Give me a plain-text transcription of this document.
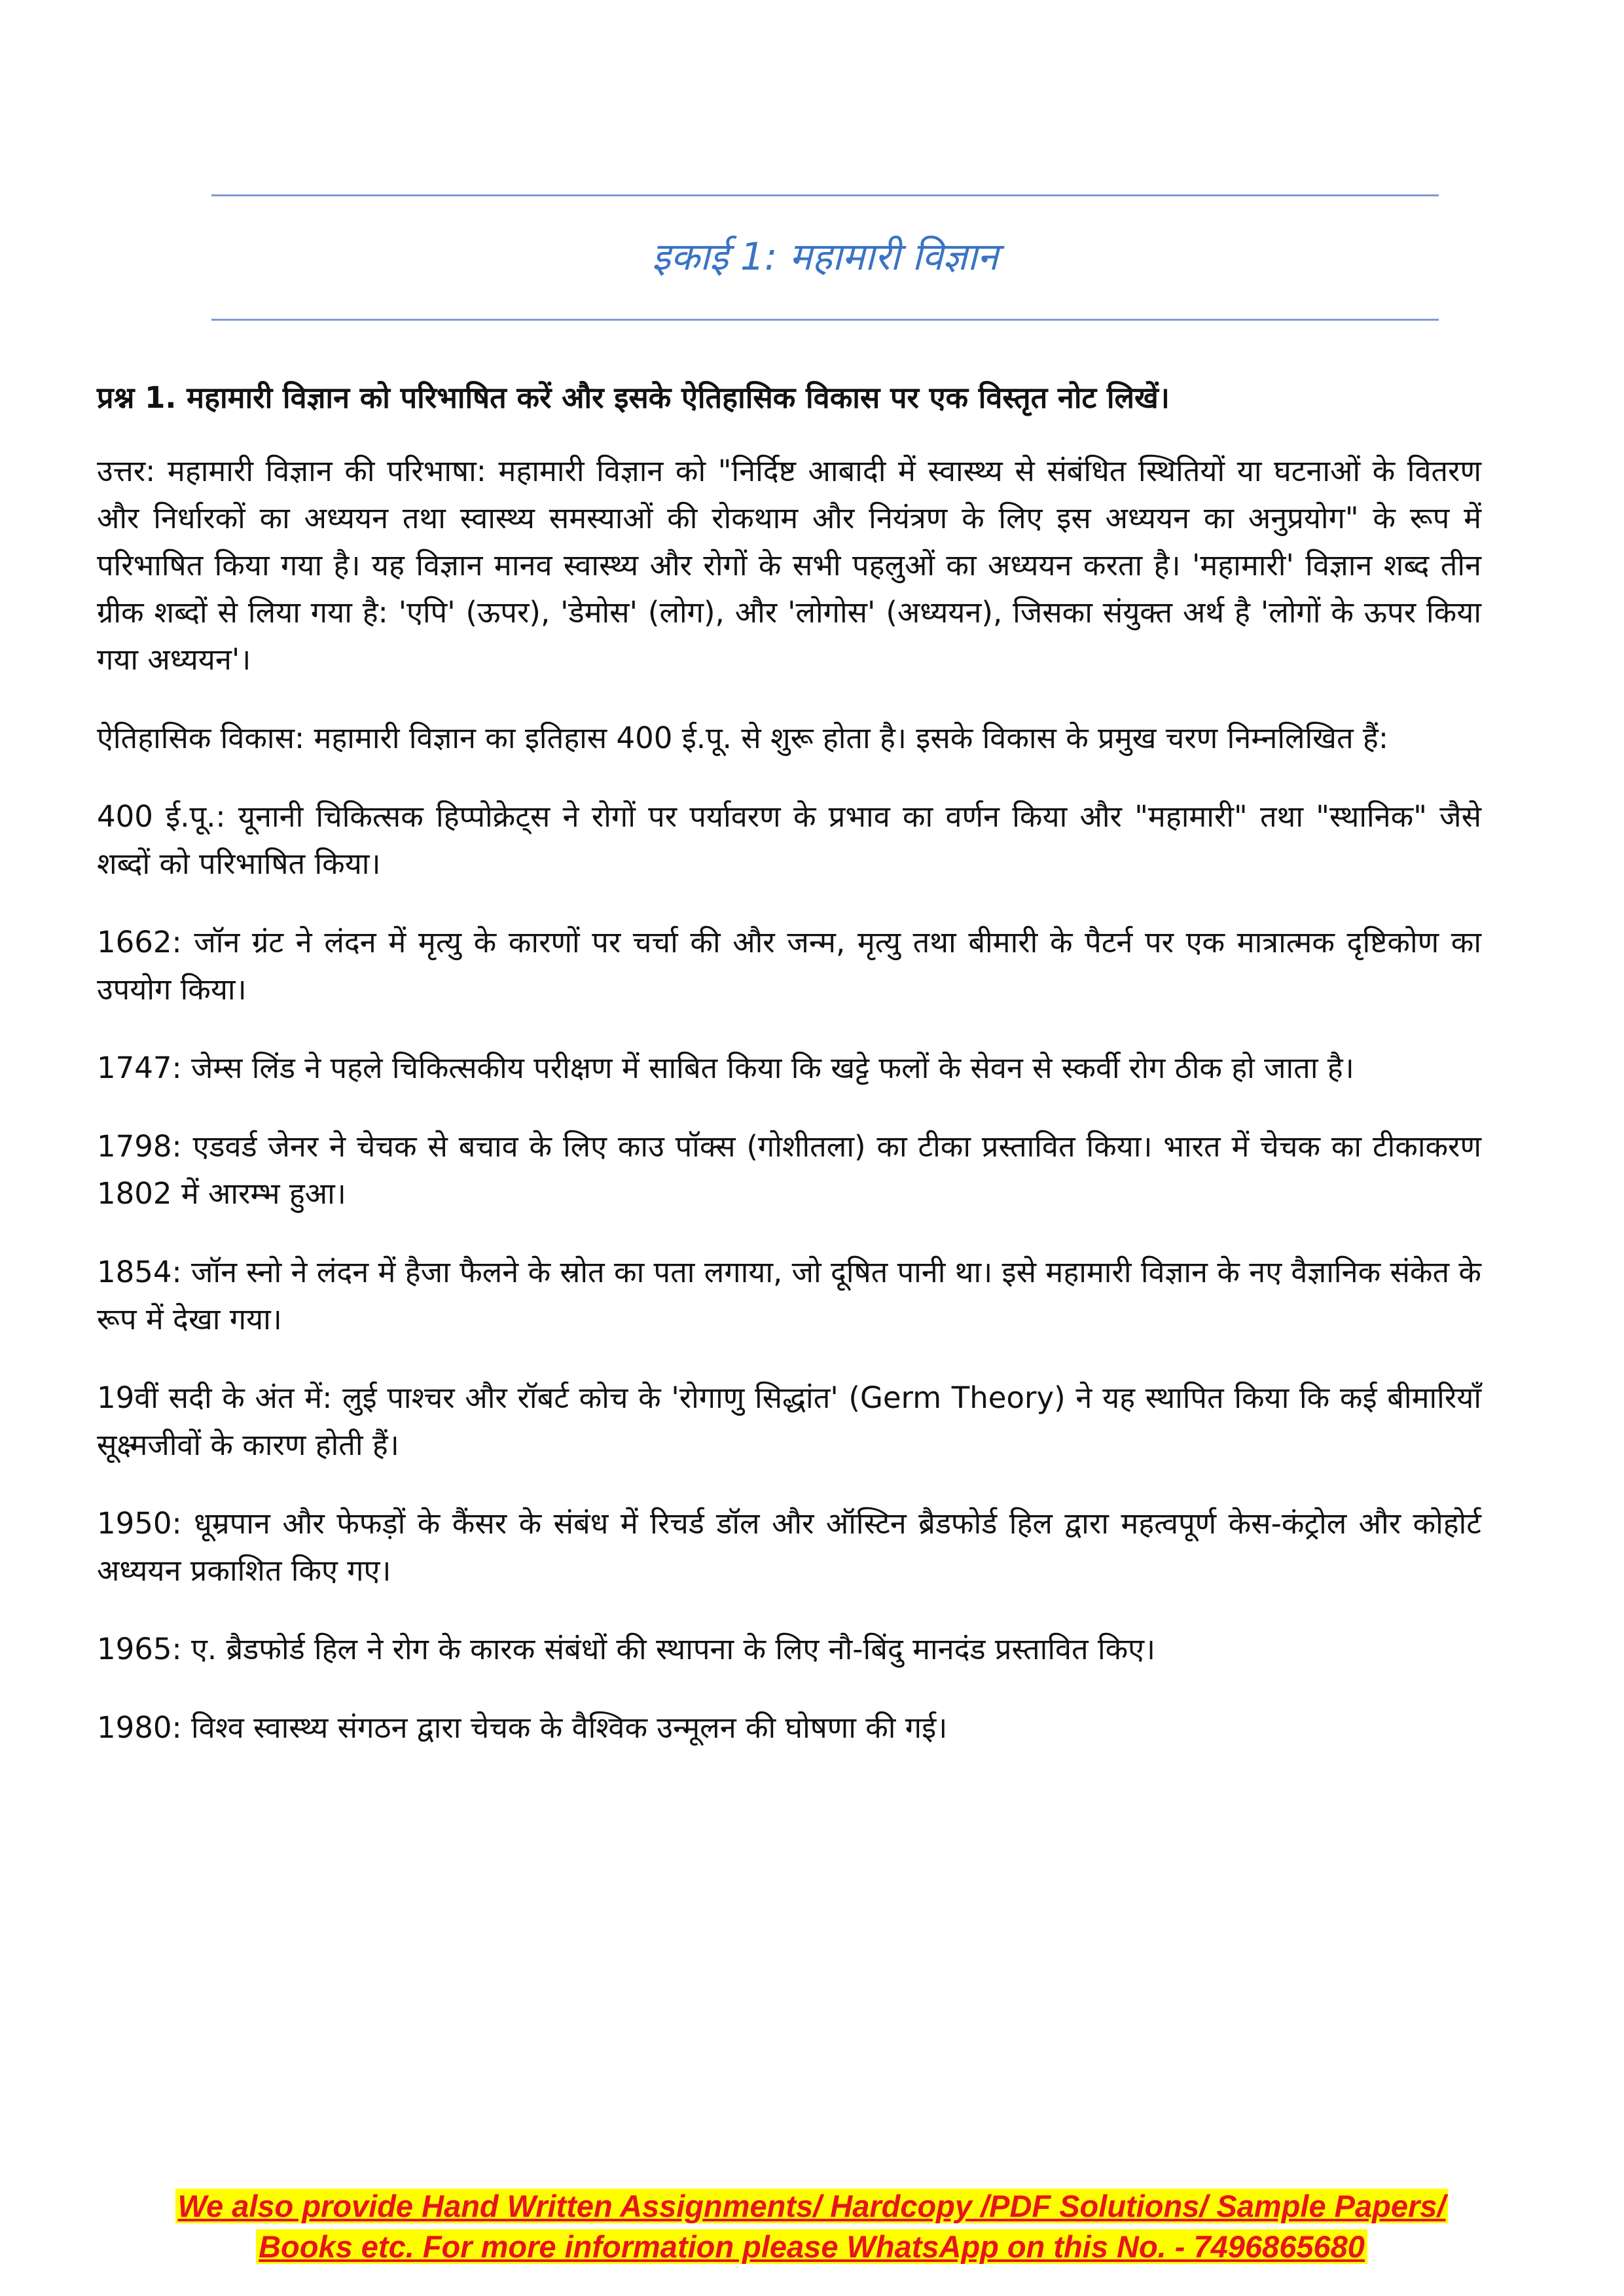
इकाई 1: महामारी विज्ञान

प्रश्न 1. महामारी विज्ञान को परिभाषित करें और इसके ऐतिहासिक विकास पर एक विस्तृत नोट लिखें।

उत्तर: महामारी विज्ञान की परिभाषा: महामारी विज्ञान को "निर्दिष्ट आबादी में स्वास्थ्य से संबंधित स्थितियों या घटनाओं के वितरण और निर्धारकों का अध्ययन तथा स्वास्थ्य समस्याओं की रोकथाम और नियंत्रण के लिए इस अध्ययन का अनुप्रयोग" के रूप में परिभाषित किया गया है। यह विज्ञान मानव स्वास्थ्य और रोगों के सभी पहलुओं का अध्ययन करता है। 'महामारी' विज्ञान शब्द तीन ग्रीक शब्दों से लिया गया है: 'एपि' (ऊपर), 'डेमोस' (लोग), और 'लोगोस' (अध्ययन), जिसका संयुक्त अर्थ है 'लोगों के ऊपर किया गया अध्ययन'।

ऐतिहासिक विकास: महामारी विज्ञान का इतिहास 400 ई.पू. से शुरू होता है। इसके विकास के प्रमुख चरण निम्नलिखित हैं:

400 ई.पू.: यूनानी चिकित्सक हिप्पोक्रेट्स ने रोगों पर पर्यावरण के प्रभाव का वर्णन किया और "महामारी" तथा "स्थानिक" जैसे शब्दों को परिभाषित किया।

1662: जॉन ग्रंट ने लंदन में मृत्यु के कारणों पर चर्चा की और जन्म, मृत्यु तथा बीमारी के पैटर्न पर एक मात्रात्मक दृष्टिकोण का उपयोग किया।

1747: जेम्स लिंड ने पहले चिकित्सकीय परीक्षण में साबित किया कि खट्टे फलों के सेवन से स्कर्वी रोग ठीक हो जाता है।

1798: एडवर्ड जेनर ने चेचक से बचाव के लिए काउ पॉक्स (गोशीतला) का टीका प्रस्तावित किया। भारत में चेचक का टीकाकरण 1802 में आरम्भ हुआ।

1854: जॉन स्नो ने लंदन में हैजा फैलने के स्रोत का पता लगाया, जो दूषित पानी था। इसे महामारी विज्ञान के नए वैज्ञानिक संकेत के रूप में देखा गया।

19वीं सदी के अंत में: लुई पाश्चर और रॉबर्ट कोच के 'रोगाणु सिद्धांत' (Germ Theory) ने यह स्थापित किया कि कई बीमारियाँ सूक्ष्मजीवों के कारण होती हैं।

1950: धूम्रपान और फेफड़ों के कैंसर के संबंध में रिचर्ड डॉल और ऑस्टिन ब्रैडफोर्ड हिल द्वारा महत्वपूर्ण केस-कंट्रोल और कोहोर्ट अध्ययन प्रकाशित किए गए।

1965: ए. ब्रैडफोर्ड हिल ने रोग के कारक संबंधों की स्थापना के लिए नौ-बिंदु मानदंड प्रस्तावित किए।

1980: विश्व स्वास्थ्य संगठन द्वारा चेचक के वैश्विक उन्मूलन की घोषणा की गई।

We also provide Hand Written Assignments/ Hardcopy /PDF Solutions/ Sample Papers/
Books etc. For more information please WhatsApp on this No. - 7496865680
